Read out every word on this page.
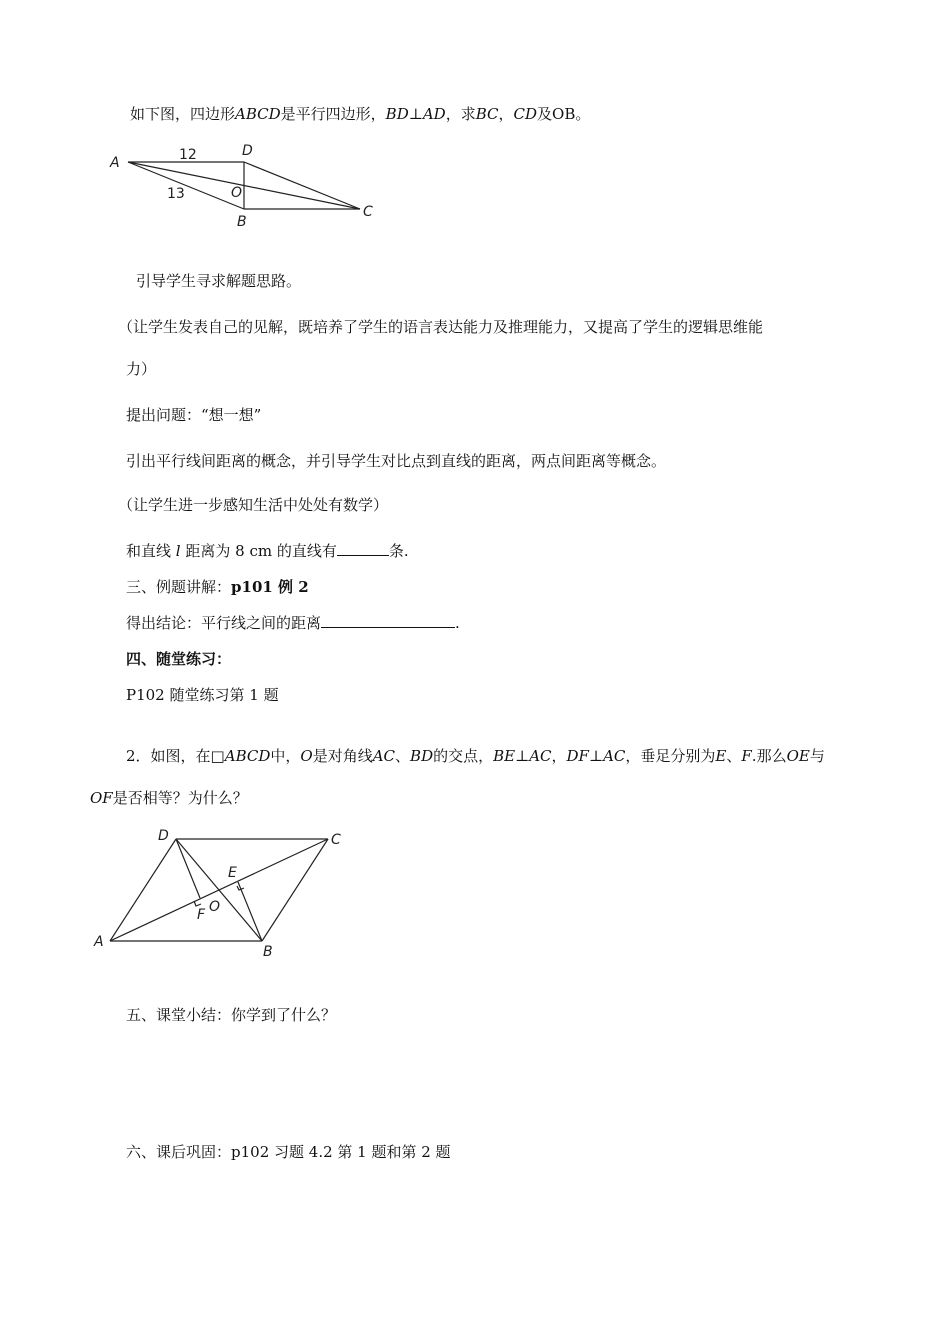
如下图，四边形ABCD是平行四边形，BD⊥AD，求BC，CD及OB。
A
D
O
B
C
12
13
引导学生寻求解题思路。
（让学生发表自己的见解，既培养了学生的语言表达能力及推理能力，又提高了学生的逻辑思维能
力）
提出问题：“想一想”
引出平行线间距离的概念，并引导学生对比点到直线的距离，两点间距离等概念。
（让学生进一步感知生活中处处有数学）
和直线 l 距离为 8 cm 的直线有	条.
三、例题讲解：p101 例 2
得出结论：平行线之间的距离	.
四、随堂练习：
P102 随堂练习第 1 题
2．如图，在□ABCD中，O是对角线AC、BD的交点，BE⊥AC，DF⊥AC，垂足分别为E、F.那么OE与
OF是否相等？为什么？
D	C
E
F O
A
B
五、课堂小结：你学到了什么？
六、课后巩固：p102 习题 4.2 第 1 题和第 2 题
